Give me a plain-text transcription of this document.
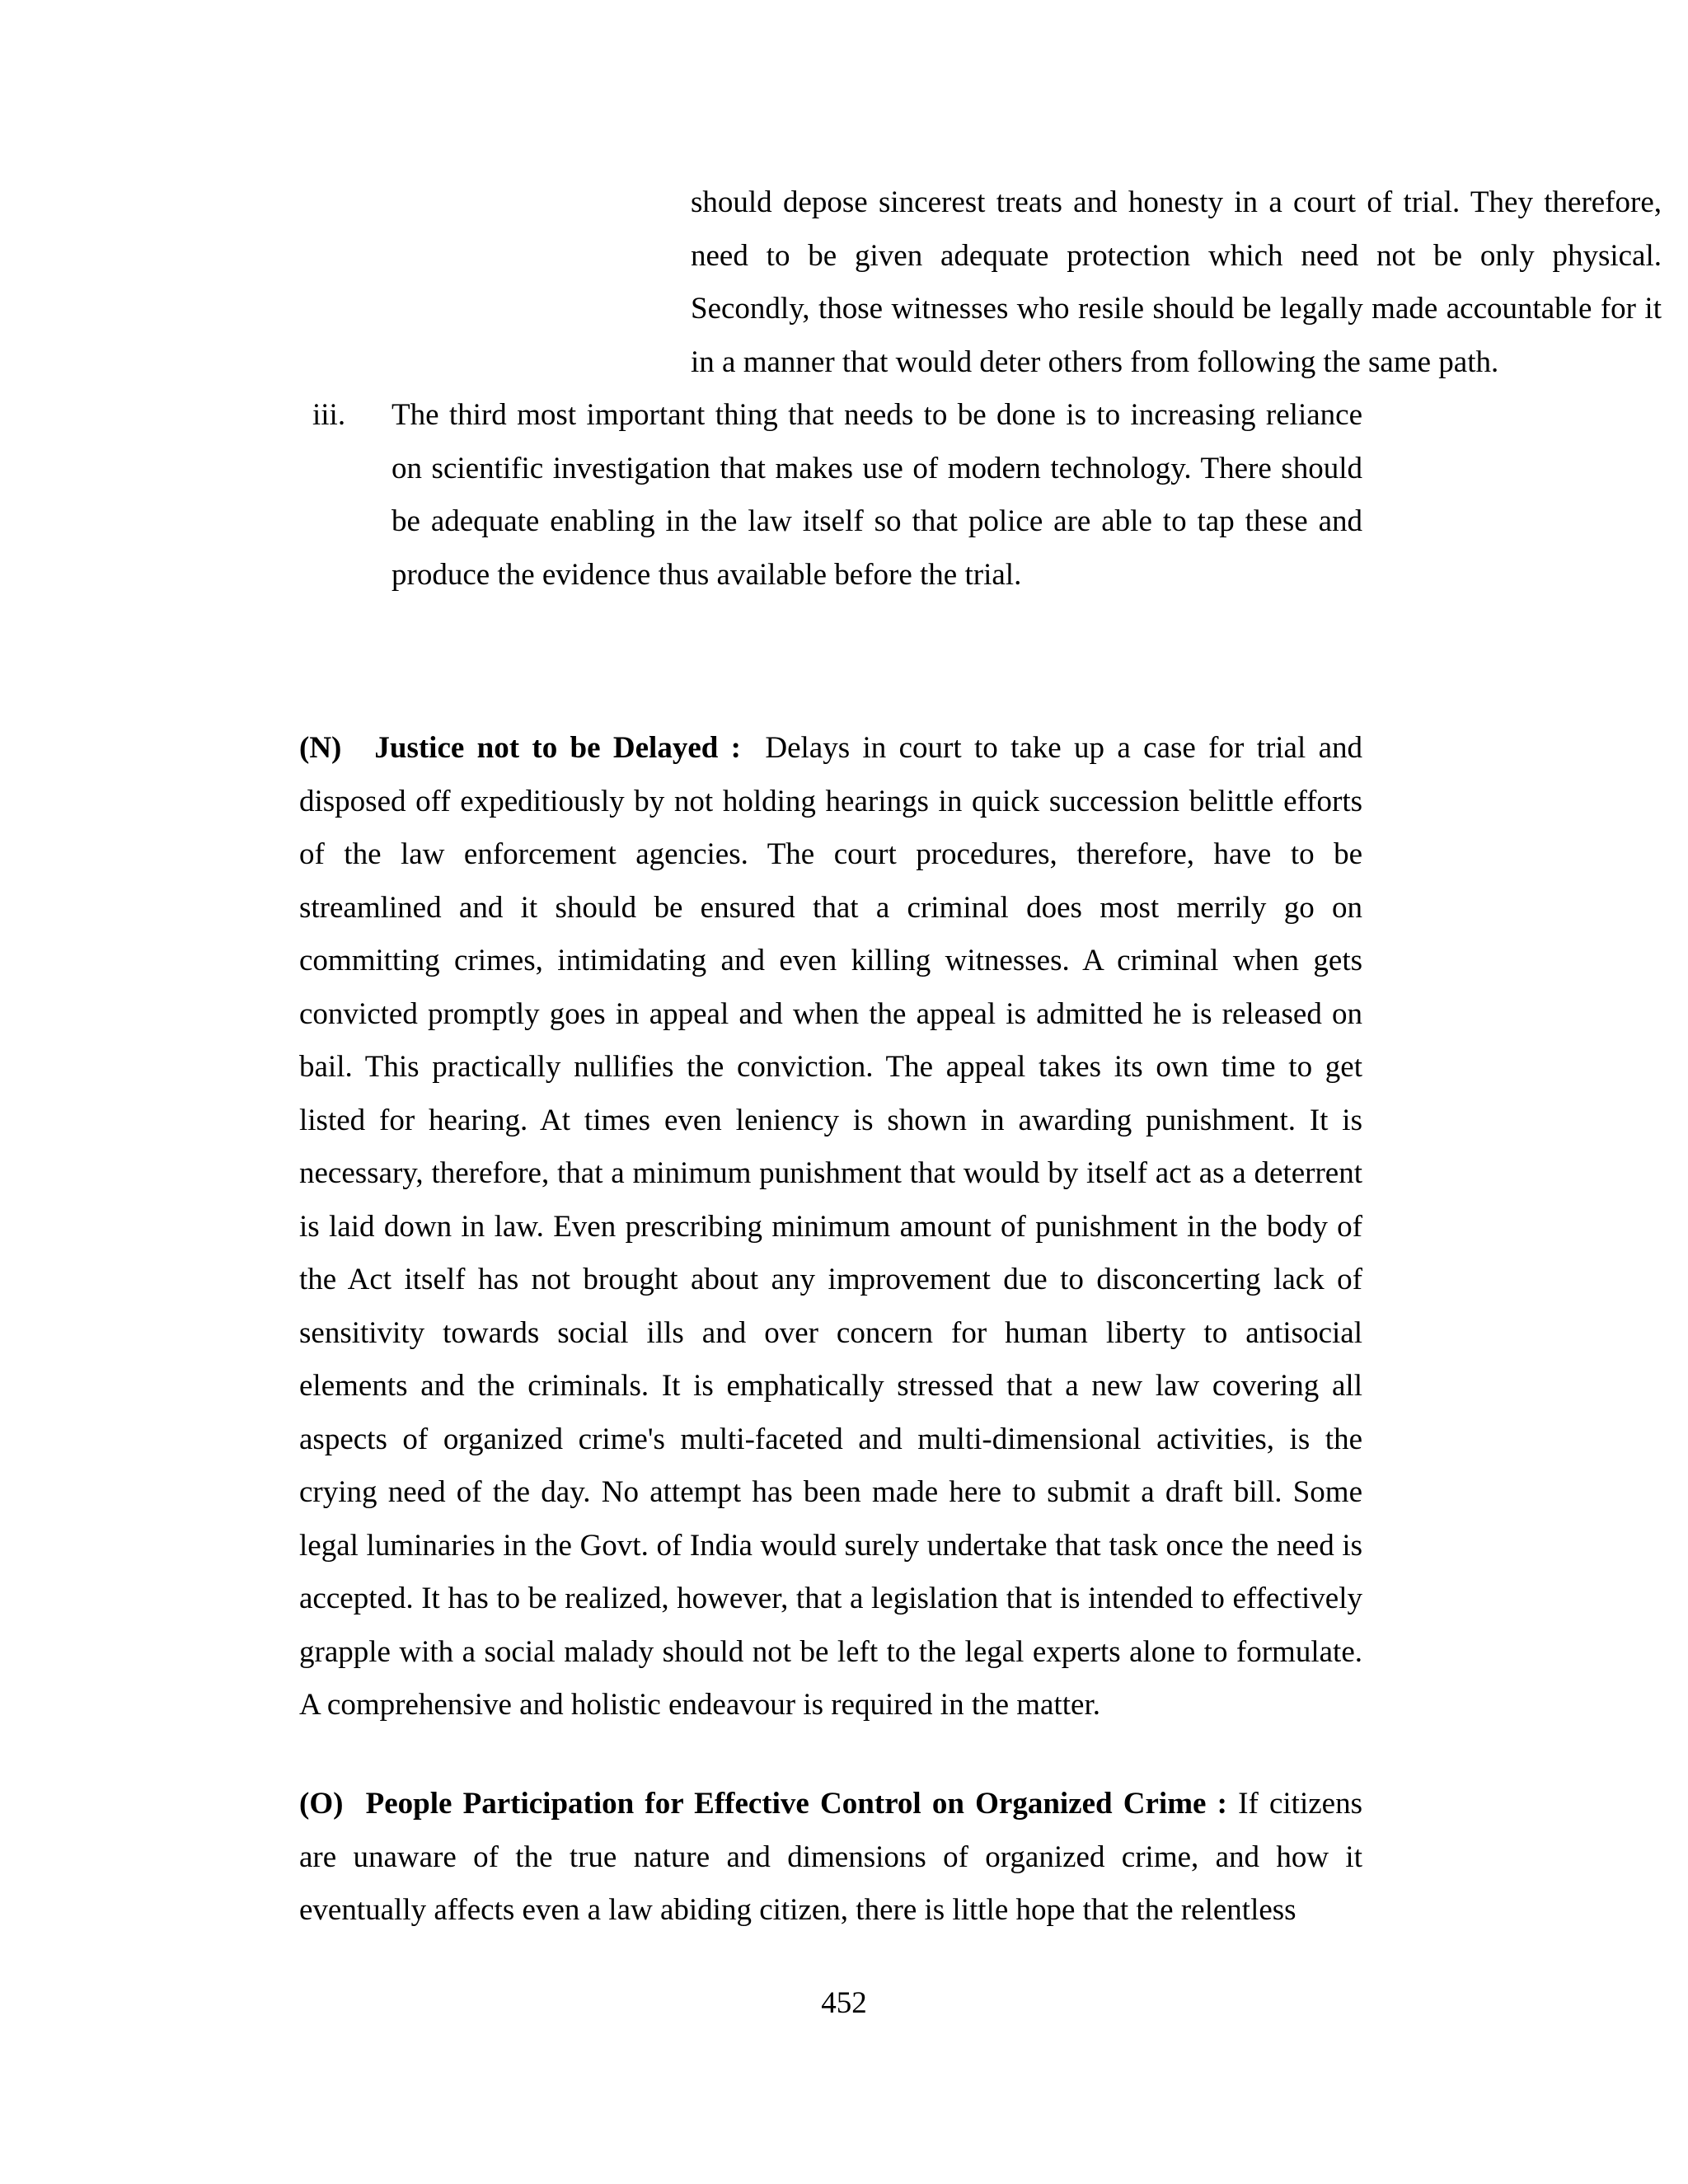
should depose sincerest treats and honesty in a court of trial. They therefore, need to be given adequate protection which need not be only physical. Secondly, those witnesses who resile should be legally made accountable for it in a manner that would deter others from following the same path.

iii. The third most important thing that needs to be done is to increasing reliance on scientific investigation that makes use of modern technology. There should be adequate enabling in the law itself so that police are able to tap these and produce the evidence thus available before the trial.

(N) Justice not to be Delayed : Delays in court to take up a case for trial and disposed off expeditiously by not holding hearings in quick succession belittle efforts of the law enforcement agencies. The court procedures, therefore, have to be streamlined and it should be ensured that a criminal does most merrily go on committing crimes, intimidating and even killing witnesses. A criminal when gets convicted promptly goes in appeal and when the appeal is admitted he is released on bail. This practically nullifies the conviction. The appeal takes its own time to get listed for hearing. At times even leniency is shown in awarding punishment. It is necessary, therefore, that a minimum punishment that would by itself act as a deterrent is laid down in law. Even prescribing minimum amount of punishment in the body of the Act itself has not brought about any improvement due to disconcerting lack of sensitivity towards social ills and over concern for human liberty to antisocial elements and the criminals. It is emphatically stressed that a new law covering all aspects of organized crime's multi-faceted and multi-dimensional activities, is the crying need of the day. No attempt has been made here to submit a draft bill. Some legal luminaries in the Govt. of India would surely undertake that task once the need is accepted. It has to be realized, however, that a legislation that is intended to effectively grapple with a social malady should not be left to the legal experts alone to formulate. A comprehensive and holistic endeavour is required in the matter.

(O) People Participation for Effective Control on Organized Crime : If citizens are unaware of the true nature and dimensions of organized crime, and how it eventually affects even a law abiding citizen, there is little hope that the relentless

452
